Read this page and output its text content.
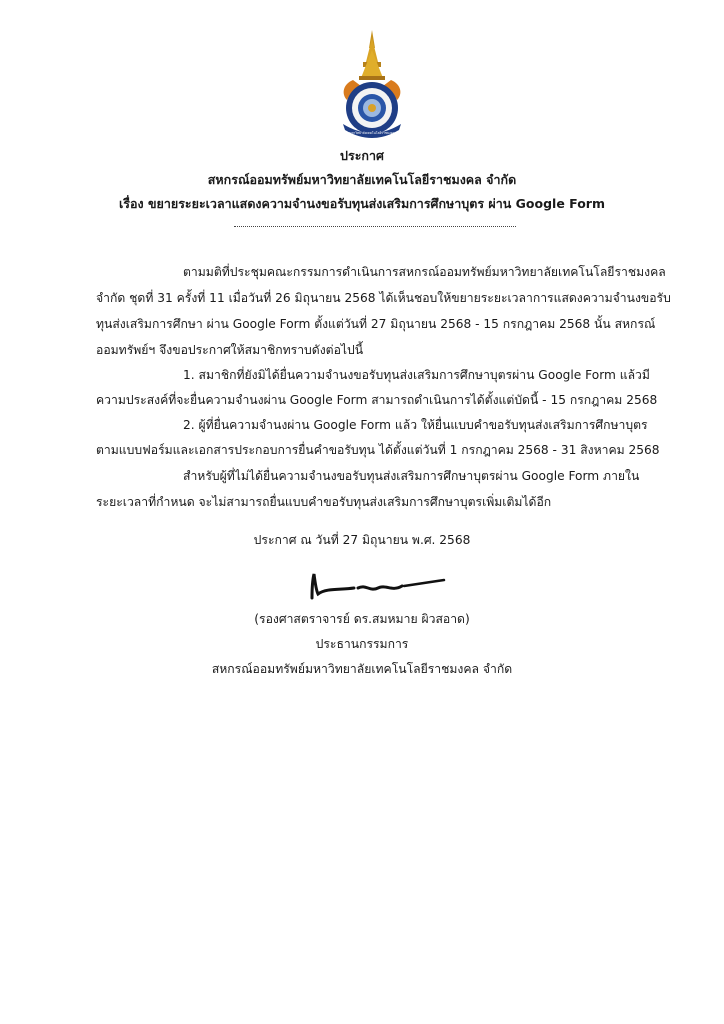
มหาวิทยาลัยเทคโนโลยีราชมงคล
ประกาศ
สหกรณ์ออมทรัพย์มหาวิทยาลัยเทคโนโลยีราชมงคล จำกัด
เรื่อง ขยายระยะเวลาแสดงความจำนงขอรับทุนส่งเสริมการศึกษาบุตร ผ่าน Google Form
ตามมติที่ประชุมคณะกรรมการดำเนินการสหกรณ์ออมทรัพย์มหาวิทยาลัยเทคโนโลยีราชมงคล
จำกัด ชุดที่ 31 ครั้งที่ 11 เมื่อวันที่ 26 มิถุนายน 2568 ได้เห็นชอบให้ขยายระยะเวลาการแสดงความจำนงขอรับ
ทุนส่งเสริมการศึกษา ผ่าน Google Form ตั้งแต่วันที่ 27 มิถุนายน 2568 - 15 กรกฎาคม 2568 นั้น สหกรณ์
ออมทรัพย์ฯ จึงขอประกาศให้สมาชิกทราบดังต่อไปนี้
1. สมาชิกที่ยังมิได้ยื่นความจำนงขอรับทุนส่งเสริมการศึกษาบุตรผ่าน Google Form แล้วมี
ความประสงค์ที่จะยื่นความจำนงผ่าน Google Form สามารถดำเนินการได้ตั้งแต่บัดนี้ - 15 กรกฎาคม 2568
2. ผู้ที่ยื่นความจำนงผ่าน Google Form แล้ว ให้ยื่นแบบคำขอรับทุนส่งเสริมการศึกษาบุตร
ตามแบบฟอร์มและเอกสารประกอบการยื่นคำขอรับทุน ได้ตั้งแต่วันที่ 1 กรกฎาคม 2568 - 31 สิงหาคม 2568
สำหรับผู้ที่ไม่ได้ยื่นความจำนงขอรับทุนส่งเสริมการศึกษาบุตรผ่าน Google Form ภายใน
ระยะเวลาที่กำหนด จะไม่สามารถยื่นแบบคำขอรับทุนส่งเสริมการศึกษาบุตรเพิ่มเติมได้อีก
ประกาศ ณ วันที่ 27 มิถุนายน พ.ศ. 2568
(รองศาสตราจารย์ ดร.สมหมาย ผิวสอาด)
ประธานกรรมการ
สหกรณ์ออมทรัพย์มหาวิทยาลัยเทคโนโลยีราชมงคล จำกัด
